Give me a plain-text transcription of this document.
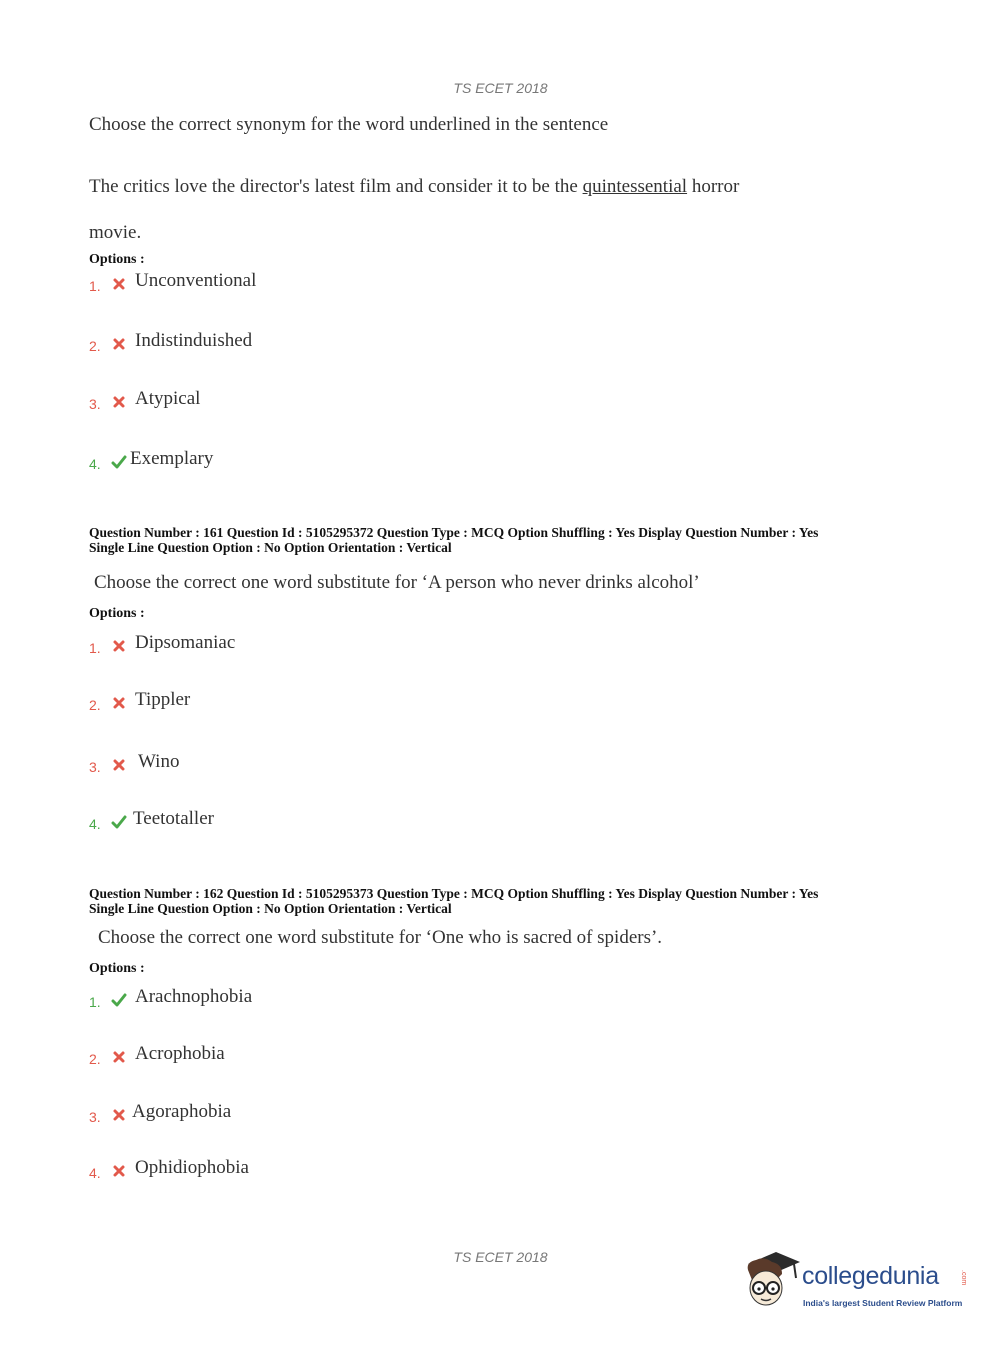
TS ECET 2018
Choose the correct synonym for the word underlined in the sentence
The critics love the director's latest film and consider it to be the quintessential horror
movie.
Options :
1. Unconventional
2. Indistinduished
3. Atypical
4. Exemplary
Question Number : 161 Question Id : 5105295372 Question Type : MCQ Option Shuffling : Yes Display Question Number : Yes
Single Line Question Option : No Option Orientation : Vertical
Choose the correct one word substitute for ‘A person who never drinks alcohol’
Options :
1. Dipsomaniac
2. Tippler
3. Wino
4. Teetotaller
Question Number : 162 Question Id : 5105295373 Question Type : MCQ Option Shuffling : Yes Display Question Number : Yes
Single Line Question Option : No Option Orientation : Vertical
Choose the correct one word substitute for ‘One who is sacred of spiders’.
Options :
1. Arachnophobia
2. Acrophobia
3. Agoraphobia
4. Ophidiophobia
TS ECET 2018
collegedunia	.com
India's largest Student Review Platform
